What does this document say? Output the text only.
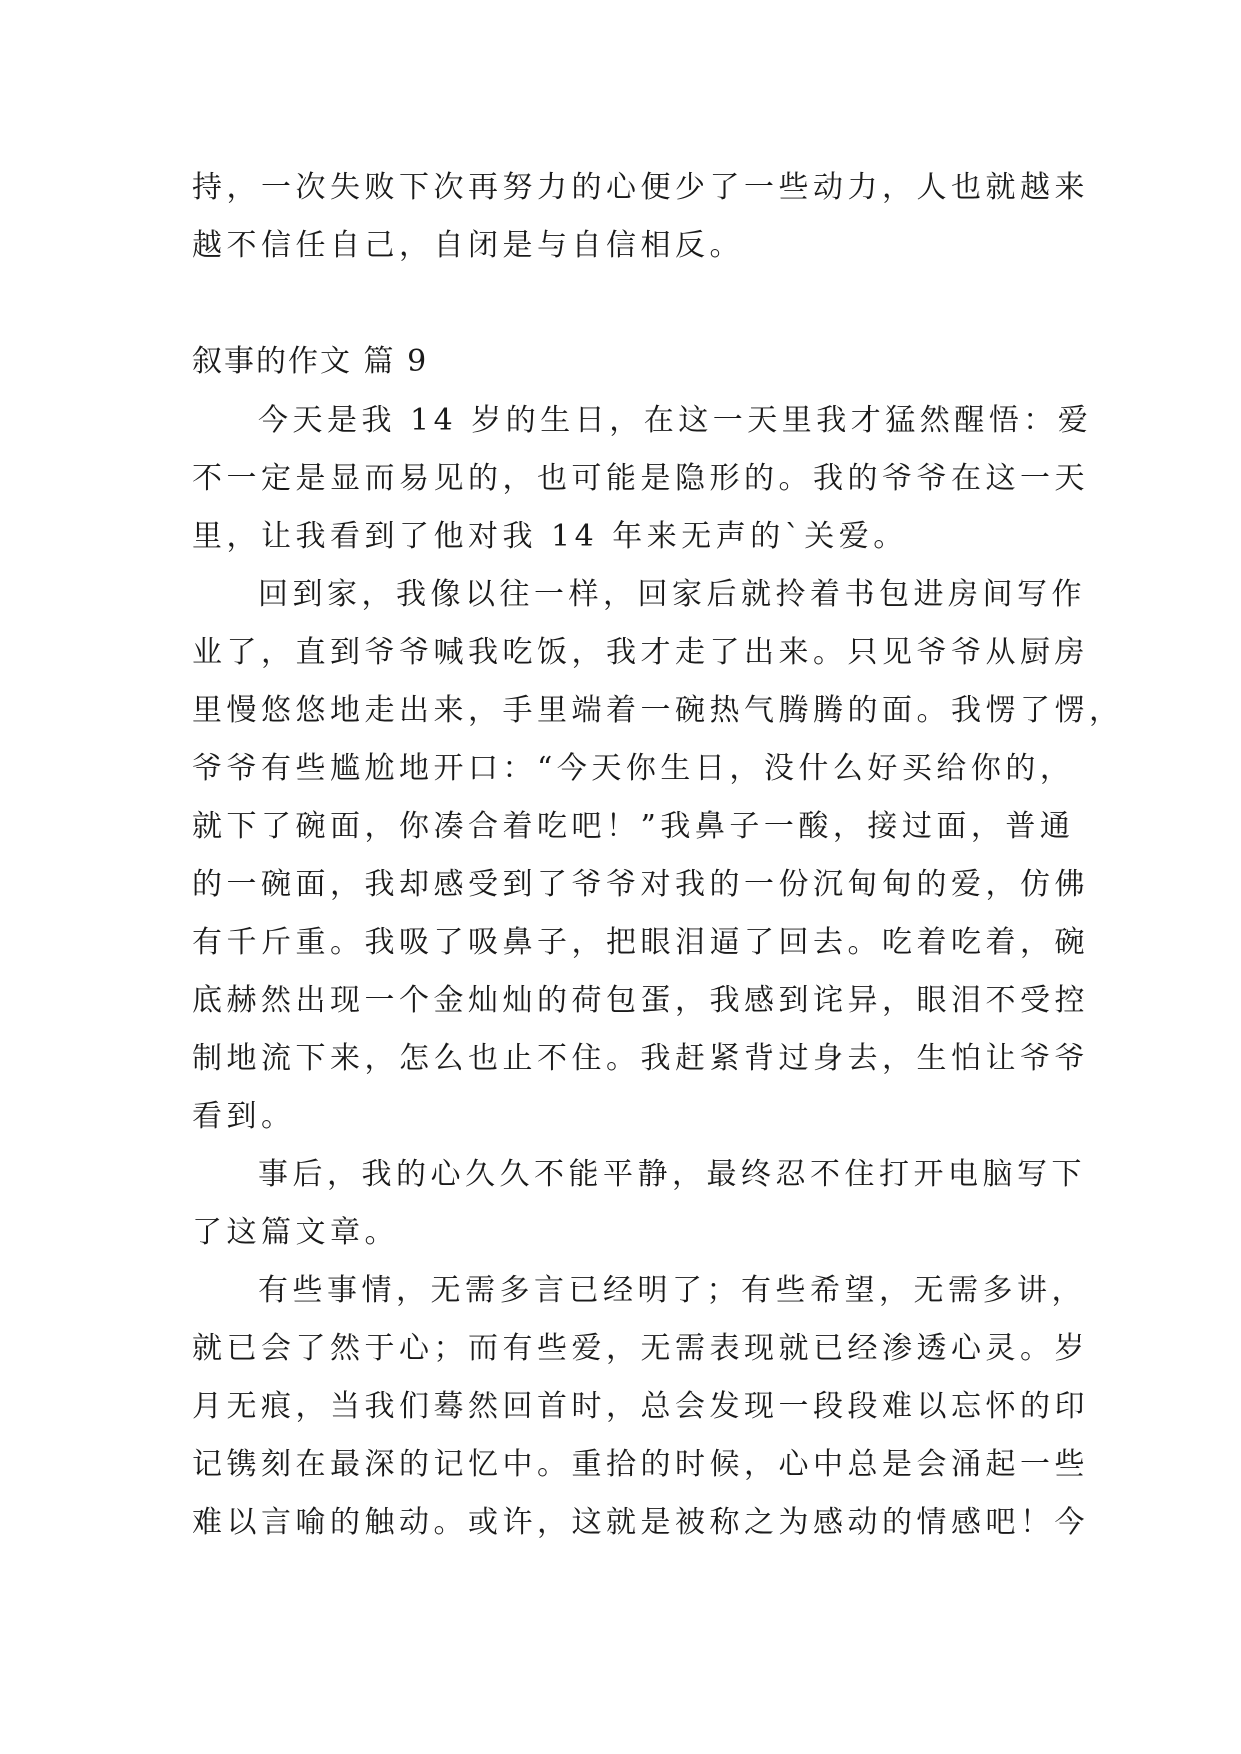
持，一次失败下次再努力的心便少了一些动力，人也就越来
越不信任自己，自闭是与自信相反。
叙事的作文 篇 9
今天是我 14 岁的生日，在这一天里我才猛然醒悟：爱
不一定是显而易见的，也可能是隐形的。我的爷爷在这一天
里，让我看到了他对我 14 年来无声的`关爱。
回到家，我像以往一样，回家后就拎着书包进房间写作
业了，直到爷爷喊我吃饭，我才走了出来。只见爷爷从厨房
里慢悠悠地走出来，手里端着一碗热气腾腾的面。我愣了愣，
爷爷有些尴尬地开口：“今天你生日，没什么好买给你的，
就下了碗面，你凑合着吃吧！”我鼻子一酸，接过面，普通
的一碗面，我却感受到了爷爷对我的一份沉甸甸的爱，仿佛
有千斤重。我吸了吸鼻子，把眼泪逼了回去。吃着吃着，碗
底赫然出现一个金灿灿的荷包蛋，我感到诧异，眼泪不受控
制地流下来，怎么也止不住。我赶紧背过身去，生怕让爷爷
看到。
事后，我的心久久不能平静，最终忍不住打开电脑写下
了这篇文章。
有些事情，无需多言已经明了；有些希望，无需多讲，
就已会了然于心；而有些爱，无需表现就已经渗透心灵。岁
月无痕，当我们蓦然回首时，总会发现一段段难以忘怀的印
记镌刻在最深的记忆中。重拾的时候，心中总是会涌起一些
难以言喻的触动。或许，这就是被称之为感动的情感吧！今
